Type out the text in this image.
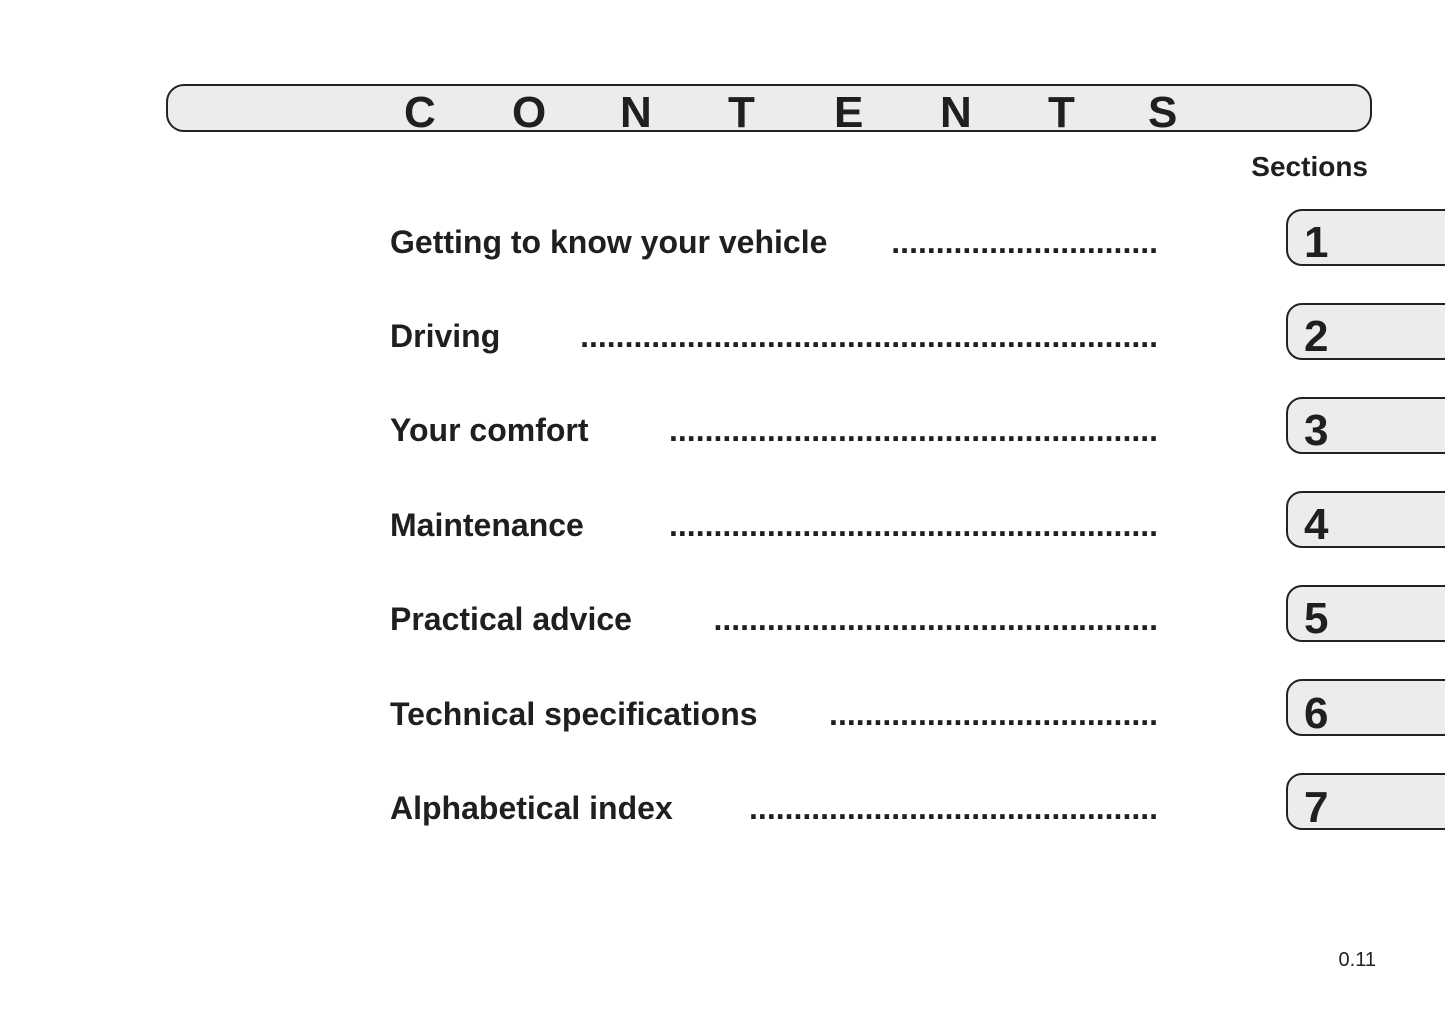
C O N T E N T S
Sections
Getting to know your vehicle	..............................	1
Driving	.................................................................	2
Your comfort	.......................................................	3
Maintenance	.......................................................	4
Practical advice	..................................................	5
Technical specifications	.....................................	6
Alphabetical index	..............................................	7
0.11
